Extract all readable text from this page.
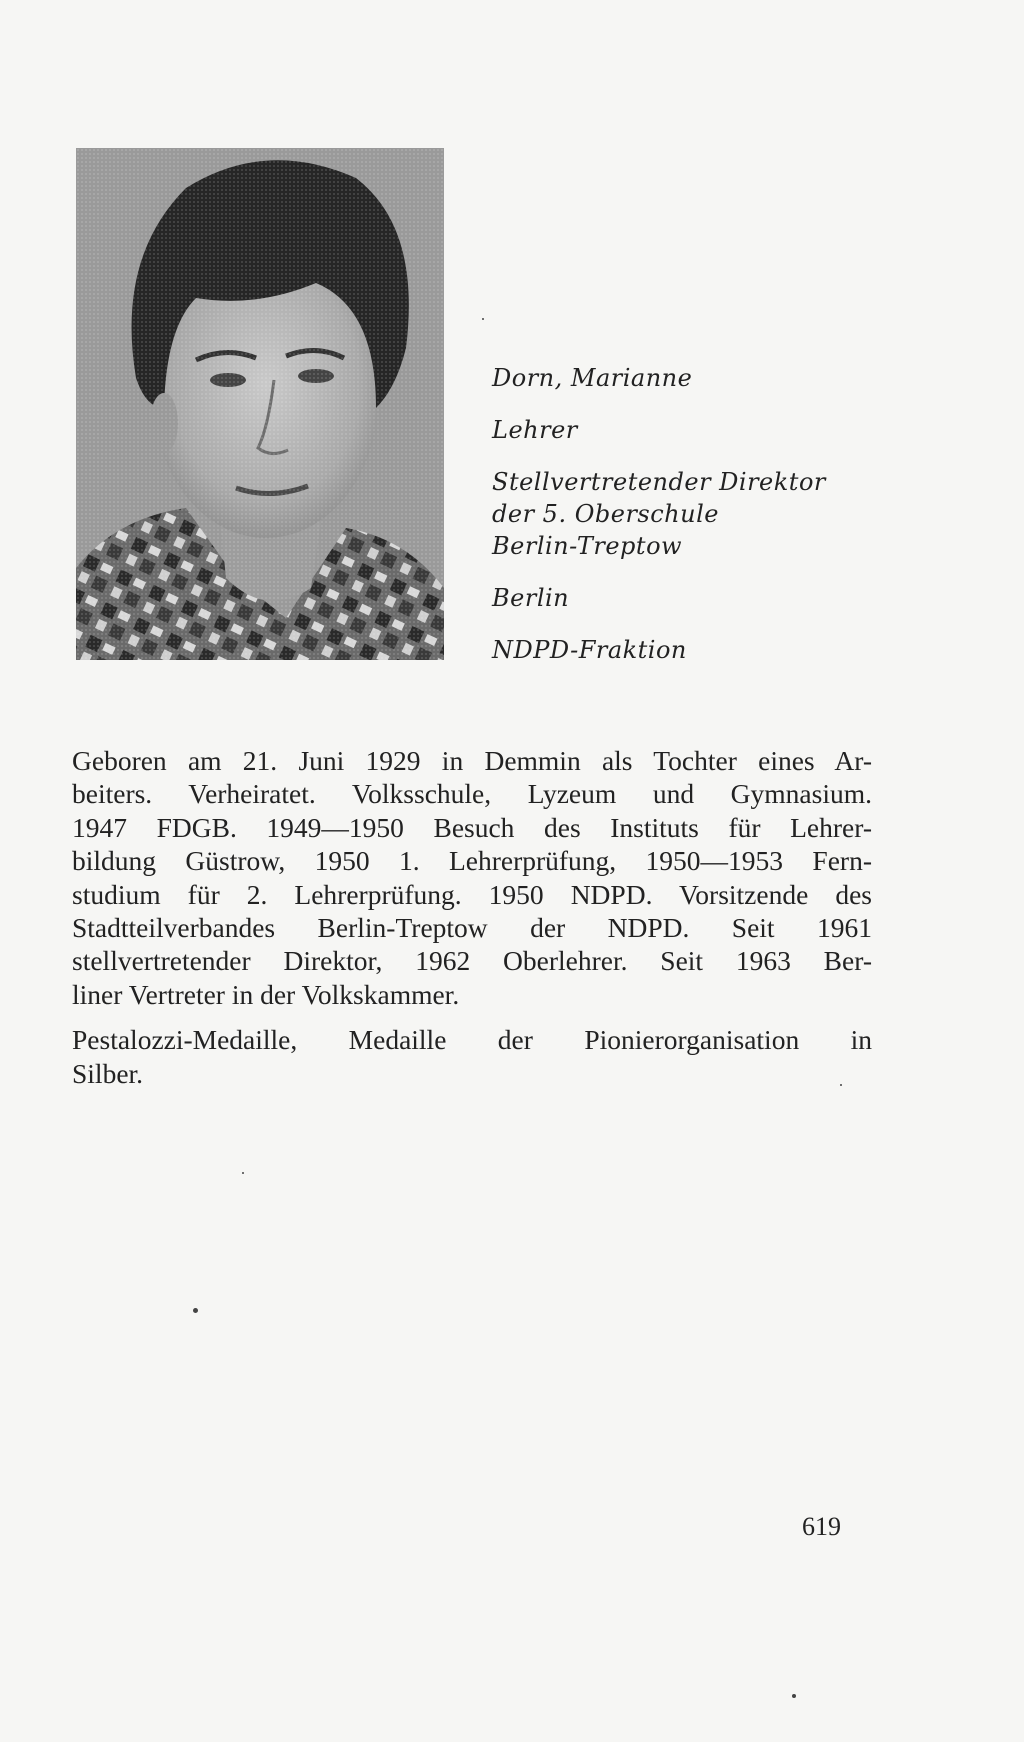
Dorn, Marianne
Lehrer
Stellvertretender Direktor
der 5. Oberschule
Berlin-Treptow
Berlin
NDPD-Fraktion
Geboren am 21. Juni 1929 in Demmin als Tochter eines Ar-
beiters. Verheiratet. Volksschule, Lyzeum und Gymnasium.
1947 FDGB. 1949—1950 Besuch des Instituts für Lehrer-
bildung Güstrow, 1950 1. Lehrerprüfung, 1950—1953 Fern-
studium für 2. Lehrerprüfung. 1950 NDPD. Vorsitzende des
Stadtteilverbandes Berlin-Treptow der NDPD. Seit 1961
stellvertretender Direktor, 1962 Oberlehrer. Seit 1963 Ber-
liner Vertreter in der Volkskammer.
Pestalozzi-Medaille, Medaille der Pionierorganisation in
Silber.
619
